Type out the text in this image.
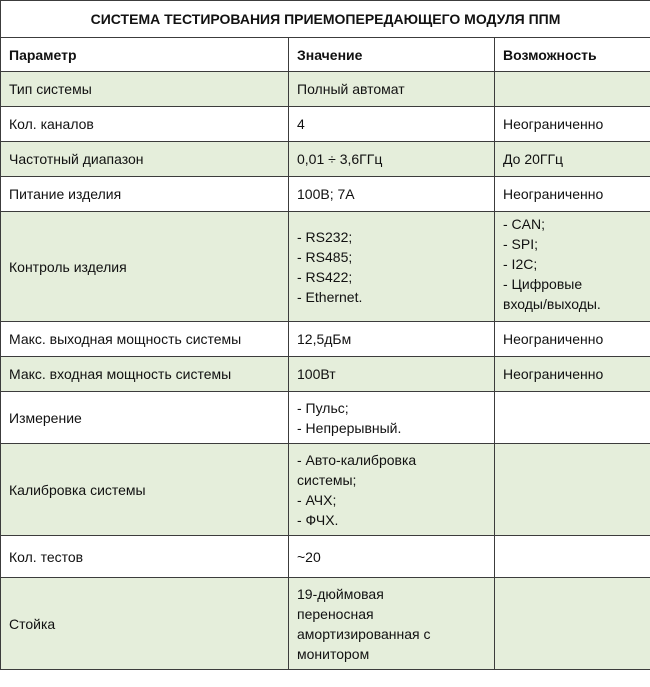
СИСТЕМА ТЕСТИРОВАНИЯ ПРИЕМОПЕРЕДАЮЩЕГО МОДУЛЯ ППМ		
Параметр	Значение	Возможность
Тип системы	Полный автомат	

Кол. каналов	4	Неограниченно

Частотный диапазон	0,01 ÷ 3,6ГГц	До 20ГГц

Питание изделия	100В; 7А	Неограниченно

Контроль изделия	- RS232;
- RS485;
- RS422;
- Ethernet.	- CAN;
- SPI;
- I2C;
- Цифровые
входы/выходы.

Макс. выходная мощность системы	12,5дБм	Неограниченно

Макс. входная мощность системы	100Вт	Неограниченно

Измерение	- Пульс;
- Непрерывный.	

Калибровка системы	- Авто-калибровка
системы;
- АЧХ;
- ФЧХ.	

Кол. тестов	~20	

Стойка	19-дюймовая
переносная
амортизированная с
монитором	
